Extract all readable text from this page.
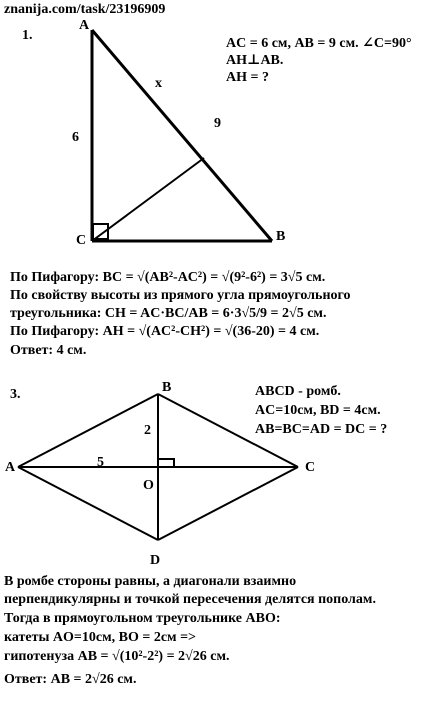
znanija.com/task/23196909
1.
A
B
C
x
9
6
AC = 6 см, AB = 9 см. ∠C=90°
AH⊥AB.
AH = ?
По Пифагору: BC = √(AB²-AC²) = √(9²-6²) = 3√5 см.
По свойству высоты из прямого угла прямоугольного
треугольника: CH = AC·BC/AB = 6·3√5/9 = 2√5 см.
По Пифагору: AH = √(AC²-CH²) = √(36-20) = 4 см.
Ответ: 4 см.
3.	B
A	C
D
O
2
5
ABCD - ромб.
AC=10см, BD = 4см.
AB=BC=AD = DC = ?
В ромбе стороны равны, а диагонали взаимно
перпендикулярны и точкой пересечения делятся пополам.
Тогда в прямоугольном треугольнике ABO:
катеты AO=10см, BO = 2см =>
гипотенуза AB = √(10²-2²) = 2√26 см.
Ответ: AB = 2√26 см.
